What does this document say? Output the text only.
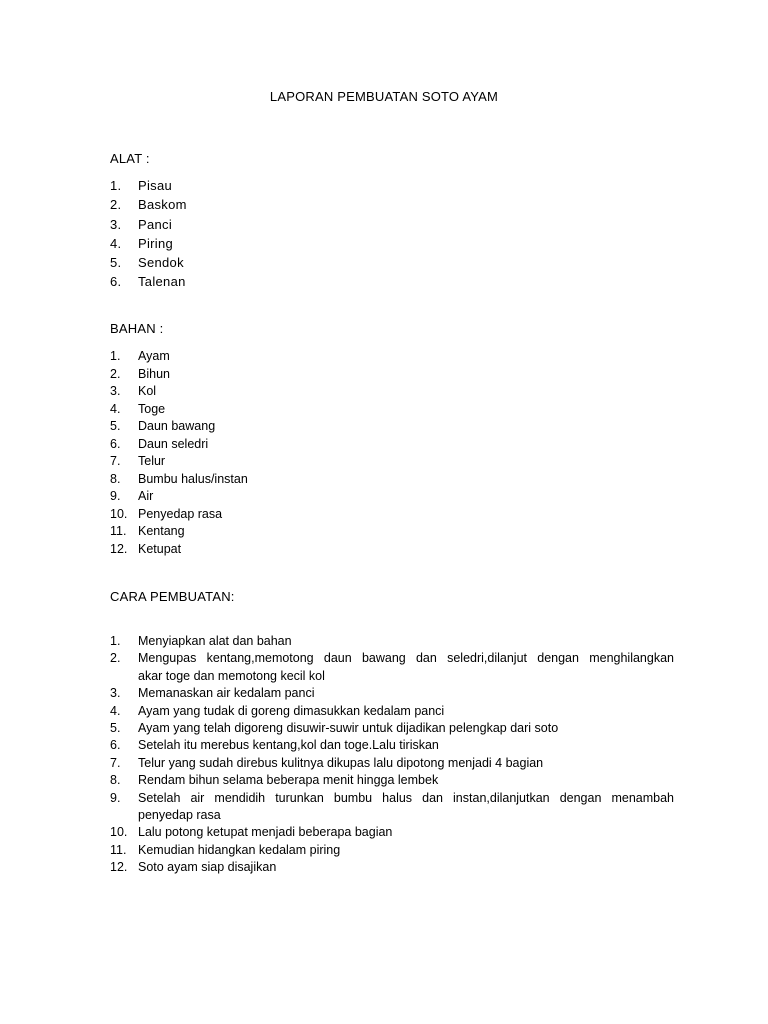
LAPORAN PEMBUATAN SOTO AYAM
ALAT :
1.	Pisau
2.	Baskom
3.	Panci
4.	Piring
5.	Sendok
6.	Talenan
BAHAN :
1.	Ayam
2.	Bihun
3.	Kol
4.	Toge
5.	Daun bawang
6.	Daun seledri
7.	Telur
8.	Bumbu halus/instan
9.	Air
10. Penyedap rasa
11. Kentang
12. Ketupat
CARA PEMBUATAN:
1.	Menyiapkan alat dan bahan
2.	Mengupas kentang,memotong daun bawang dan seledri,dilanjut dengan menghilangkan
akar toge dan memotong kecil kol
3.	Memanaskan air kedalam panci
4.	Ayam yang tudak di goreng dimasukkan kedalam panci
5.	Ayam yang telah digoreng disuwir-suwir untuk dijadikan pelengkap dari soto
6.	Setelah itu merebus kentang,kol dan toge.Lalu tiriskan
7.	Telur yang sudah direbus kulitnya dikupas lalu dipotong menjadi 4 bagian
8.	Rendam bihun selama beberapa menit hingga lembek
9.	Setelah air mendidih turunkan bumbu halus dan instan,dilanjutkan dengan menambah
penyedap rasa
10. Lalu potong ketupat menjadi beberapa bagian
11. Kemudian hidangkan kedalam piring
12. Soto ayam siap disajikan
